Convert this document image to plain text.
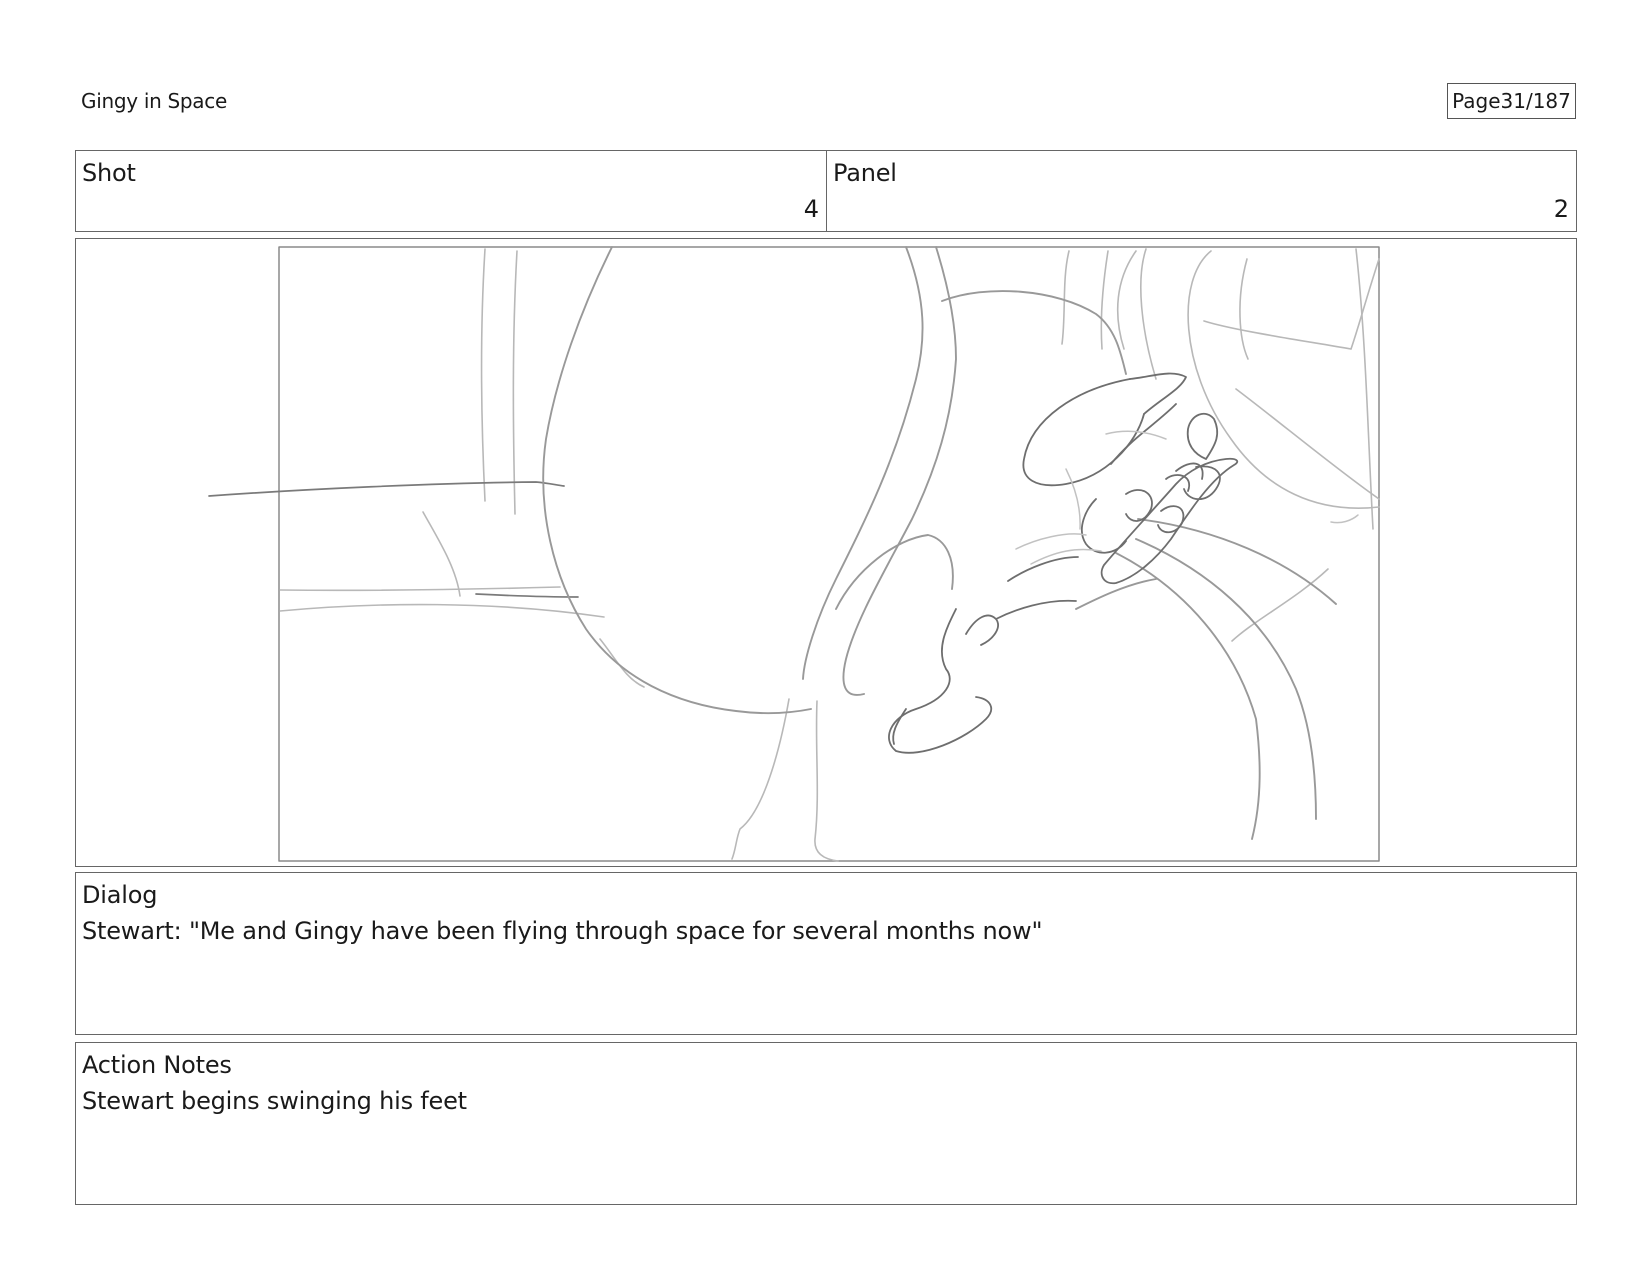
Gingy in Space	Page 31/187
Shot
4
Panel
2
Dialog
Stewart: "Me and Gingy have been flying through space for several months now"
Action Notes
Stewart begins swinging his feet
